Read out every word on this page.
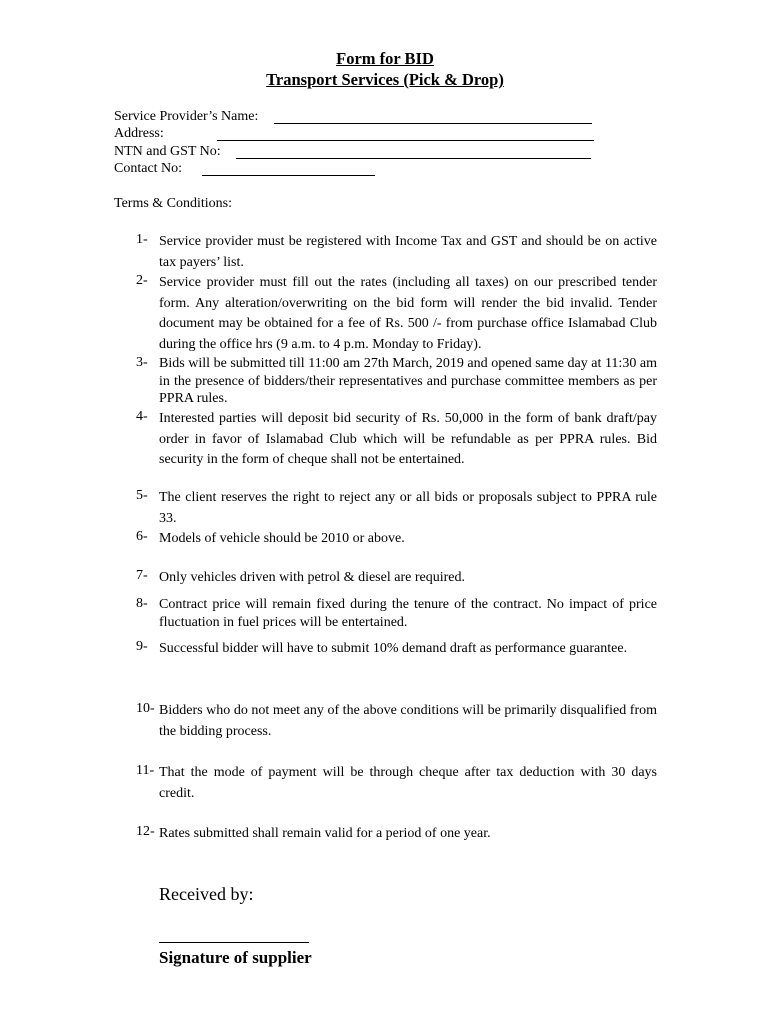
Form for BID
Transport Services (Pick & Drop)
Service Provider’s Name:
Address:
NTN and GST No:
Contact No:
Terms & Conditions:
1- Service provider must be registered with Income Tax and GST and should be on active tax payers’ list.
2- Service provider must fill out the rates (including all taxes) on our prescribed tender form. Any alteration/overwriting on the bid form will render the bid invalid. Tender document may be obtained for a fee of Rs. 500 /- from purchase office Islamabad Club during the office hrs (9 a.m. to 4 p.m. Monday to Friday).
3- Bids will be submitted till 11:00 am 27th March, 2019 and opened same day at 11:30 am in the presence of bidders/their representatives and purchase committee members as per PPRA rules.
4- Interested parties will deposit bid security of Rs. 50,000 in the form of bank draft/pay order in favor of Islamabad Club which will be refundable as per PPRA rules. Bid security in the form of cheque shall not be entertained.
5- The client reserves the right to reject any or all bids or proposals subject to PPRA rule 33.
6- Models of vehicle should be 2010 or above.
7- Only vehicles driven with petrol & diesel are required.
8- Contract price will remain fixed during the tenure of the contract. No impact of price fluctuation in fuel prices will be entertained.
9- Successful bidder will have to submit 10% demand draft as performance guarantee.
10- Bidders who do not meet any of the above conditions will be primarily disqualified from the bidding process.
11- That the mode of payment will be through cheque after tax deduction with 30 days credit.
12- Rates submitted shall remain valid for a period of one year.
Received by:
Signature of supplier
